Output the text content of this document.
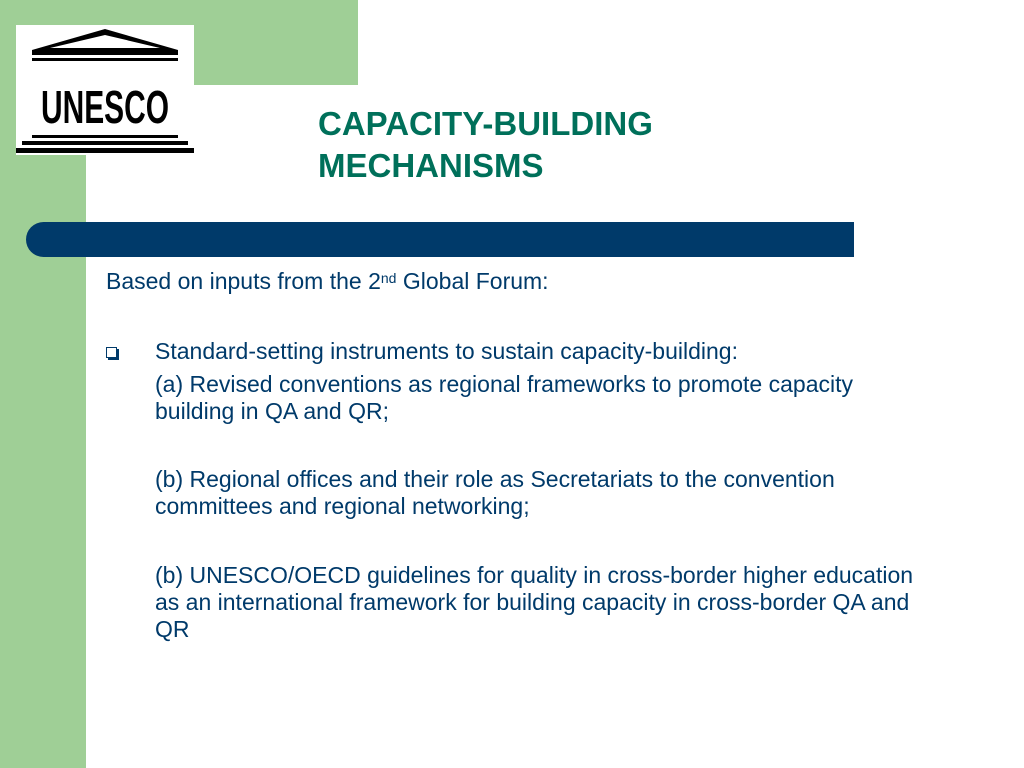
UNESCO	CAPACITY-BUILDING
MECHANISMS
Based on inputs from the 2nd Global Forum:
Standard-setting instruments to sustain capacity-building:
(a) Revised conventions as regional frameworks to promote capacity building in QA and QR;
(b) Regional offices and their role as Secretariats to the convention committees and regional networking;
(b) UNESCO/OECD guidelines for quality in cross-border higher education as an international framework for building capacity in cross-border QA and QR
